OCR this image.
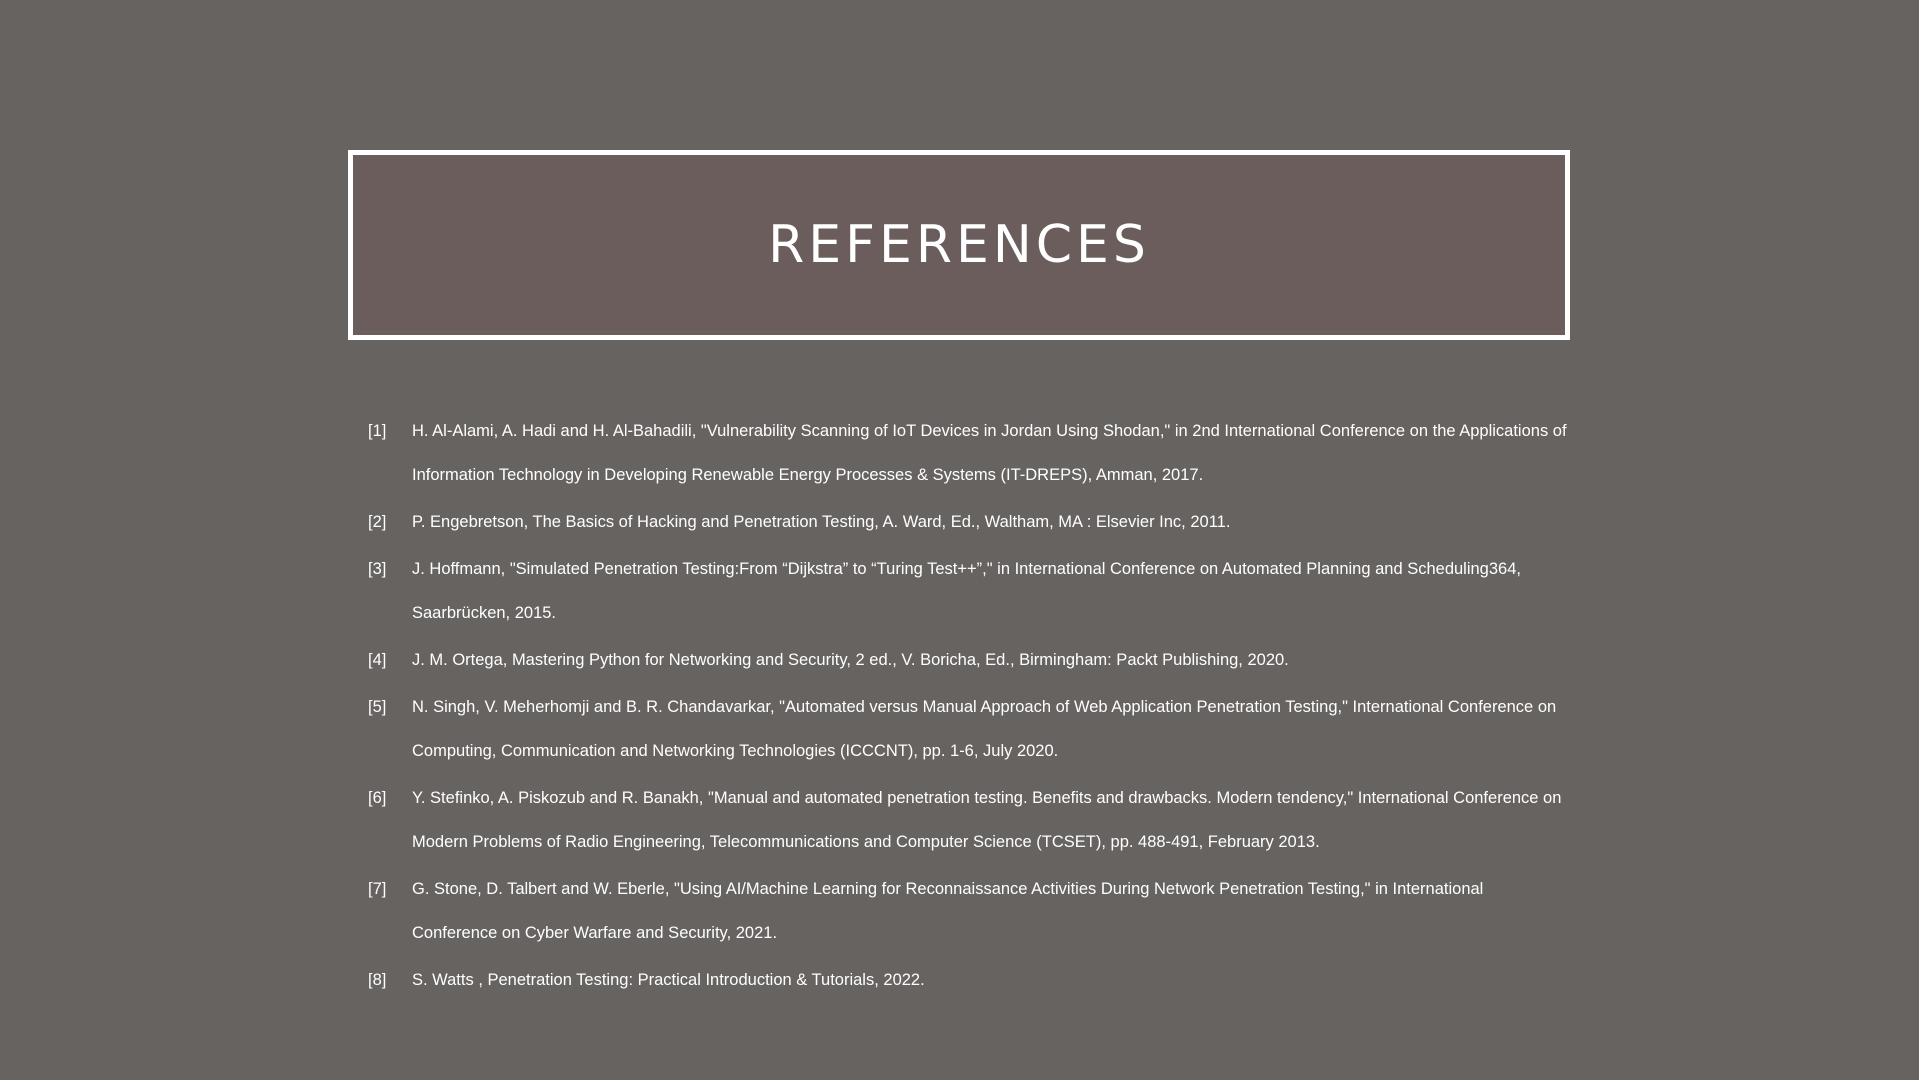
REFERENCES
[1]	H. Al-Alami, A. Hadi and H. Al-Bahadili, "Vulnerability Scanning of IoT Devices in Jordan Using Shodan," in 2nd International Conference on the Applications of Information Technology in Developing Renewable Energy Processes & Systems (IT-DREPS), Amman, 2017.
[2]	P. Engebretson, The Basics of Hacking and Penetration Testing, A. Ward, Ed., Waltham, MA : Elsevier Inc, 2011.
[3]	J. Hoffmann, "Simulated Penetration Testing:From “Dijkstra” to “Turing Test++”," in International Conference on Automated Planning and Scheduling364, Saarbrücken, 2015.
[4]	J. M. Ortega, Mastering Python for Networking and Security, 2 ed., V. Boricha, Ed., Birmingham: Packt Publishing, 2020.
[5]	N. Singh, V. Meherhomji and B. R. Chandavarkar, "Automated versus Manual Approach of Web Application Penetration Testing," International Conference on Computing, Communication and Networking Technologies (ICCCNT), pp. 1-6, July 2020.
[6]	Y. Stefinko, A. Piskozub and R. Banakh, "Manual and automated penetration testing. Benefits and drawbacks. Modern tendency," International Conference on Modern Problems of Radio Engineering, Telecommunications and Computer Science (TCSET), pp. 488-491, February 2013.
[7]	G. Stone, D. Talbert and W. Eberle, "Using AI/Machine Learning for Reconnaissance Activities During Network Penetration Testing," in International Conference on Cyber Warfare and Security, 2021.
[8]	S. Watts , Penetration Testing: Practical Introduction & Tutorials, 2022.
